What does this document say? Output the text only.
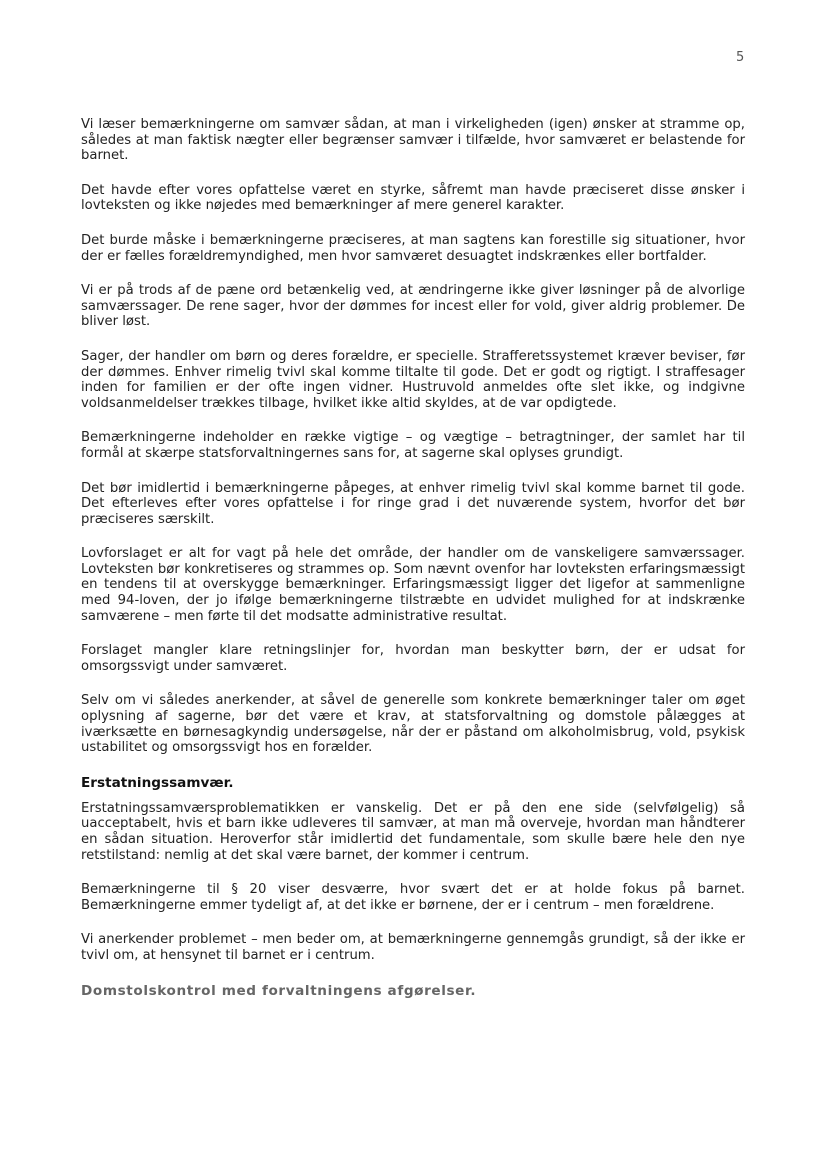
5

Vi læser bemærkningerne om samvær sådan, at man i virkeligheden (igen) ønsker at stramme op, således at man faktisk nægter eller begrænser samvær i tilfælde, hvor samværet er belastende for barnet.

Det havde efter vores opfattelse været en styrke, såfremt man havde præciseret disse ønsker i lovteksten og ikke nøjedes med bemærkninger af mere generel karakter.

Det burde måske i bemærkningerne præciseres, at man sagtens kan forestille sig situationer, hvor der er fælles forældremyndighed, men hvor samværet desuagtet indskrænkes eller bortfalder.

Vi er på trods af de pæne ord betænkelig ved, at ændringerne ikke giver løsninger på de alvorlige samværssager. De rene sager, hvor der dømmes for incest eller for vold, giver aldrig problemer. De bliver løst.

Sager, der handler om børn og deres forældre, er specielle. Strafferetssystemet kræver beviser, før der dømmes. Enhver rimelig tvivl skal komme tiltalte til gode. Det er godt og rigtigt. I straffesager inden for familien er der ofte ingen vidner. Hustruvold anmeldes ofte slet ikke, og indgivne voldsanmeldelser trækkes tilbage, hvilket ikke altid skyldes, at de var opdigtede.

Bemærkningerne indeholder en række vigtige – og vægtige – betragtninger, der samlet har til formål at skærpe statsforvaltningernes sans for, at sagerne skal oplyses grundigt.

Det bør imidlertid i bemærkningerne påpeges, at enhver rimelig tvivl skal komme barnet til gode. Det efterleves efter vores opfattelse i for ringe grad i det nuværende system, hvorfor det bør præciseres særskilt.

Lovforslaget er alt for vagt på hele det område, der handler om de vanskeligere samværssager. Lovteksten bør konkretiseres og strammes op. Som nævnt ovenfor har lovteksten erfaringsmæssigt en tendens til at overskygge bemærkninger. Erfaringsmæssigt ligger det ligefor at sammenligne med 94-loven, der jo ifølge bemærkningerne tilstræbte en udvidet mulighed for at indskrænke samværene – men førte til det modsatte administrative resultat.

Forslaget mangler klare retningslinjer for, hvordan man beskytter børn, der er udsat for omsorgssvigt under samværet.

Selv om vi således anerkender, at såvel de generelle som konkrete bemærkninger taler om øget oplysning af sagerne, bør det være et krav, at statsforvaltning og domstole pålægges at iværksætte en børnesagkyndig undersøgelse, når der er påstand om alkoholmisbrug, vold, psykisk ustabilitet og omsorgssvigt hos en forælder.

Erstatningssamvær.

Erstatningssamværsproblematikken er vanskelig. Det er på den ene side (selvfølgelig) så uacceptabelt, hvis et barn ikke udleveres til samvær, at man må overveje, hvordan man håndterer en sådan situation. Heroverfor står imidlertid det fundamentale, som skulle bære hele den nye retstilstand: nemlig at det skal være barnet, der kommer i centrum.

Bemærkningerne til § 20 viser desværre, hvor svært det er at holde fokus på barnet. Bemærkningerne emmer tydeligt af, at det ikke er børnene, der er i centrum – men forældrene.

Vi anerkender problemet – men beder om, at bemærkningerne gennemgås grundigt, så der ikke er tvivl om, at hensynet til barnet er i centrum.

Domstolskontrol med forvaltningens afgørelser.
